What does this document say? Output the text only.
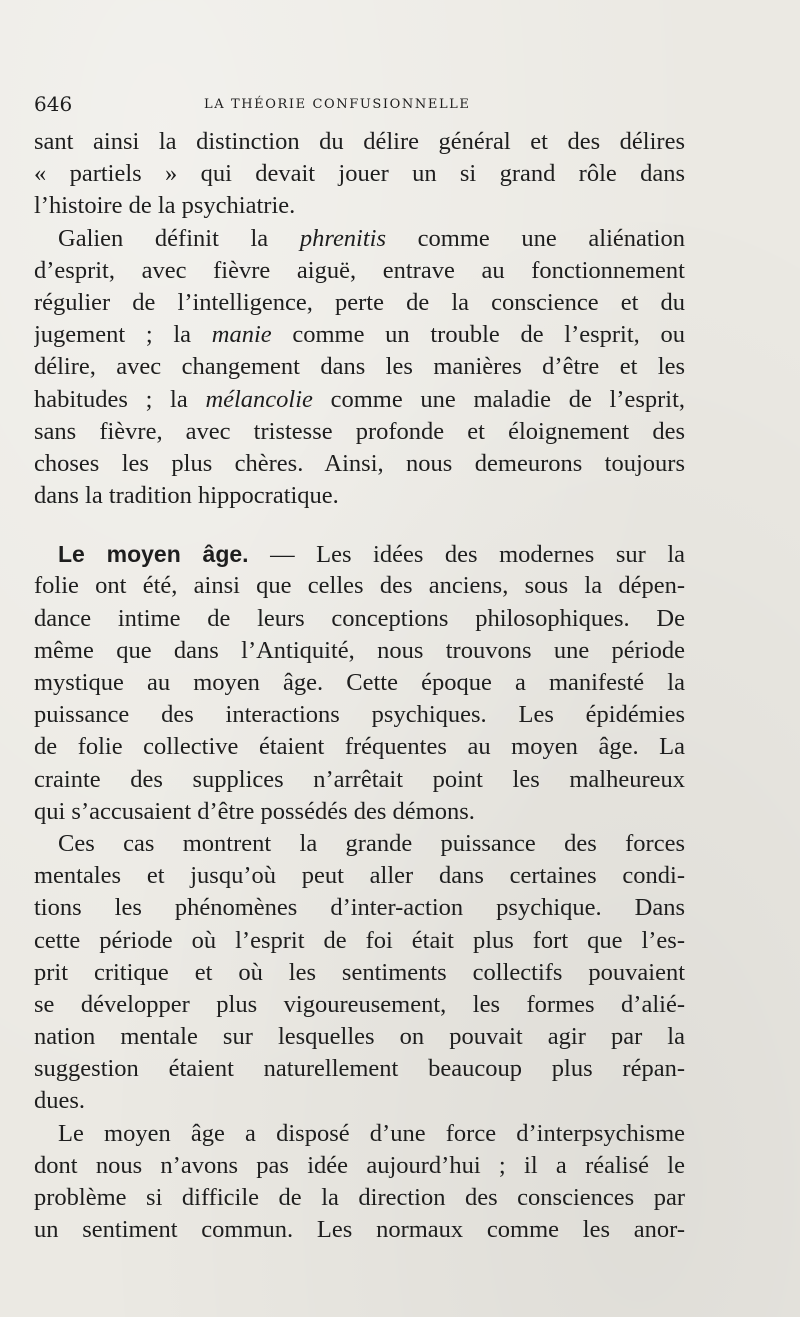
646	LA THÉORIE CONFUSIONNELLE
sant ainsi la distinction du délire général et des délires
« partiels » qui devait jouer un si grand rôle dans
l’histoire de la psychiatrie.
Galien définit la phrenitis comme une aliénation
d’esprit, avec fièvre aiguë, entrave au fonctionnement
régulier de l’intelligence, perte de la conscience et du
jugement ; la manie comme un trouble de l’esprit, ou
délire, avec changement dans les manières d’être et les
habitudes ; la mélancolie comme une maladie de l’esprit,
sans fièvre, avec tristesse profonde et éloignement des
choses les plus chères. Ainsi, nous demeurons toujours
dans la tradition hippocratique.
Le moyen âge. — Les idées des modernes sur la
folie ont été, ainsi que celles des anciens, sous la dépen-
dance intime de leurs conceptions philosophiques. De
même que dans l’Antiquité, nous trouvons une période
mystique au moyen âge. Cette époque a manifesté la
puissance des interactions psychiques. Les épidémies
de folie collective étaient fréquentes au moyen âge. La
crainte des supplices n’arrêtait point les malheureux
qui s’accusaient d’être possédés des démons.
Ces cas montrent la grande puissance des forces
mentales et jusqu’où peut aller dans certaines condi-
tions les phénomènes d’inter-action psychique. Dans
cette période où l’esprit de foi était plus fort que l’es-
prit critique et où les sentiments collectifs pouvaient
se développer plus vigoureusement, les formes d’alié-
nation mentale sur lesquelles on pouvait agir par la
suggestion étaient naturellement beaucoup plus répan-
dues.
Le moyen âge a disposé d’une force d’interpsychisme
dont nous n’avons pas idée aujourd’hui ; il a réalisé le
problème si difficile de la direction des consciences par
un sentiment commun. Les normaux comme les anor-
